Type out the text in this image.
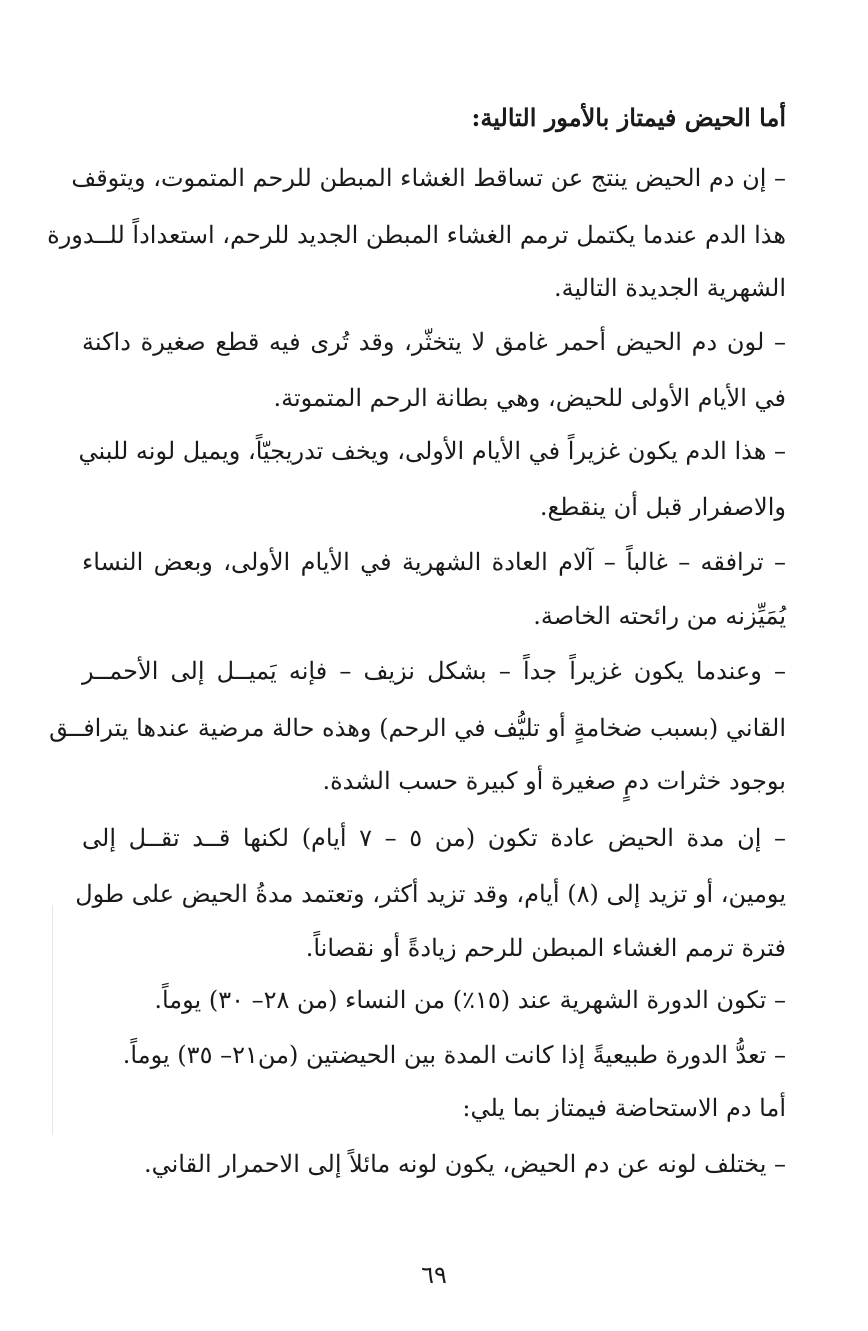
أما الحيض فيمتاز بالأمور التالية:
– إن دم الحيض ينتج عن تساقط الغشاء المبطن للرحم المتموت، ويتوقف
هذا الدم عندما يكتمل ترمم الغشاء المبطن الجديد للرحم، استعداداً للــدورة
الشهرية الجديدة التالية.
– لون دم الحيض أحمر غامق لا يتخثّر، وقد تُرى فيه قطع صغيرة داكنة
في الأيام الأولى للحيض، وهي بطانة الرحم المتموتة.
– هذا الدم يكون غزيراً في الأيام الأولى، ويخف تدريجيّاً، ويميل لونه للبني
والاصفرار قبل أن ينقطع.
– ترافقه – غالباً – آلام العادة الشهرية في الأيام الأولى، وبعض النساء
يُمَيِّزنه من رائحته الخاصة.
– وعندما يكون غزيراً جداً – بشكل نزيف – فإنه يَميــل إلى الأحمــر
القاني (بسبب ضخامةٍ أو تليُّف في الرحم) وهذه حالة مرضية عندها يترافــق
بوجود خثرات دمٍ صغيرة أو كبيرة حسب الشدة.
– إن مدة الحيض عادة تكون (من ٥ – ٧ أيام) لكنها قــد تقــل إلى
يومين، أو تزيد إلى (٨) أيام، وقد تزيد أكثر، وتعتمد مدةُ الحيض على طول
فترة ترمم الغشاء المبطن للرحم زيادةً أو نقصاناً.
– تكون الدورة الشهرية عند (١٥٪) من النساء (من ٢٨– ٣٠) يوماً.
– تعدُّ الدورة طبيعيةً إذا كانت المدة بين الحيضتين (من٢١– ٣٥) يوماً.
أما دم الاستحاضة فيمتاز بما يلي:
– يختلف لونه عن دم الحيض، يكون لونه مائلاً إلى الاحمرار القاني.
٦٩
